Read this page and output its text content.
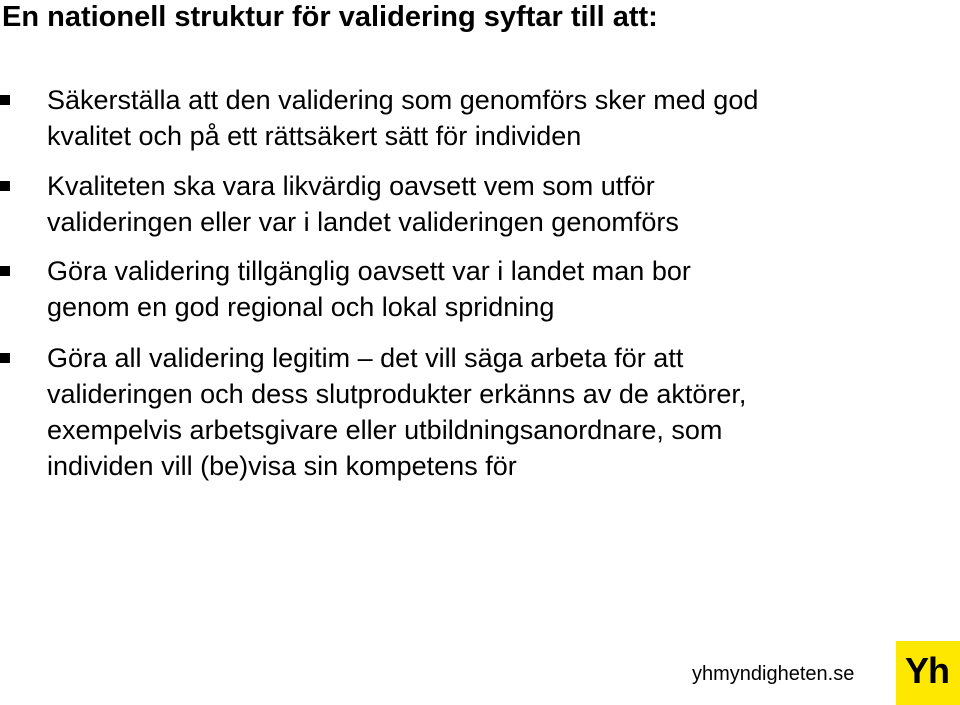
En nationell struktur för validering syftar till att:
Säkerställa att den validering som genomförs sker med god
kvalitet och på ett rättsäkert sätt för individen
Kvaliteten ska vara likvärdig oavsett vem som utför
valideringen eller var i landet valideringen genomförs
Göra validering tillgänglig oavsett var i landet man bor
genom en god regional och lokal spridning
Göra all validering legitim – det vill säga arbeta för att
valideringen och dess slutprodukter erkänns av de aktörer,
exempelvis arbetsgivare eller utbildningsanordnare, som
individen vill (be)visa sin kompetens för
yhmyndigheten.se Yh
